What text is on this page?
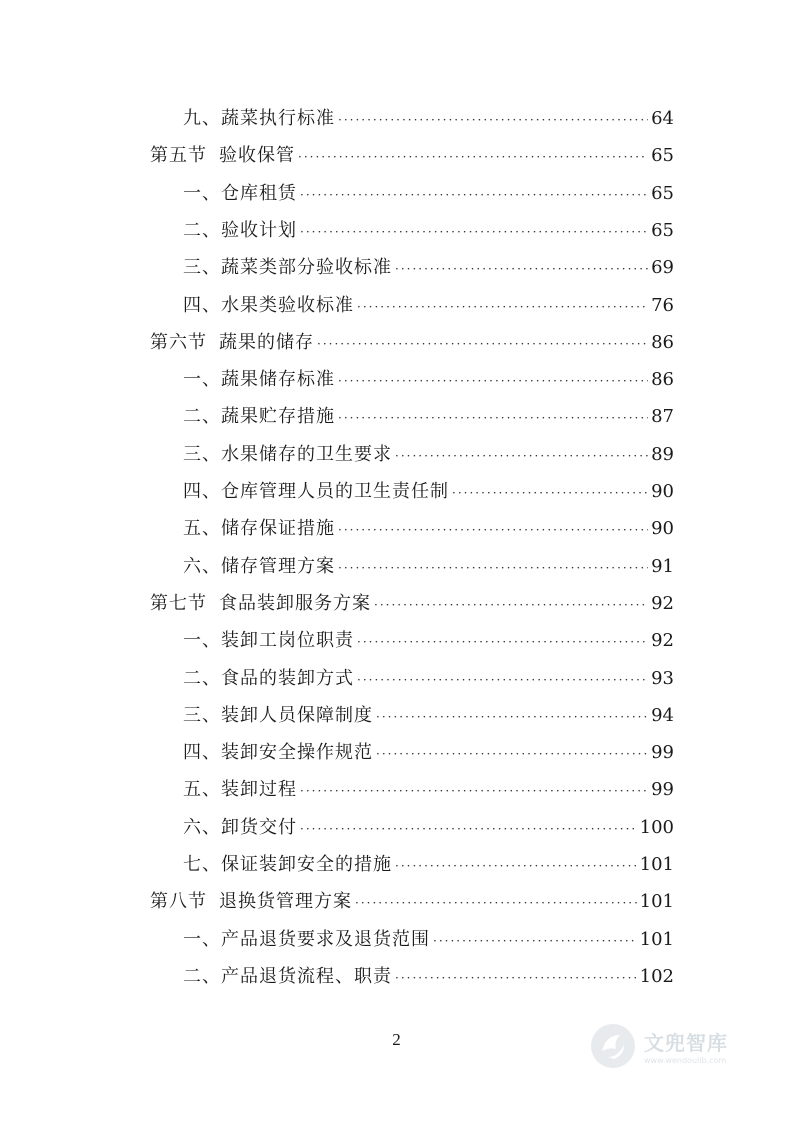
九、蔬菜执行标准 ·····	64
第五节 验收保管 ·····	65
一、仓库租赁 ·····	65
二、验收计划 ·····	65
三、蔬菜类部分验收标准 ·····	69
四、水果类验收标准 ·····	76
第六节 蔬果的储存 ·····	86
一、蔬果储存标准 ·····	86
二、蔬果贮存措施 ·····	87
三、水果储存的卫生要求 ·····	89
四、仓库管理人员的卫生责任制 ·····	90
五、储存保证措施 ·····	90
六、储存管理方案 ·····	91
第七节 食品装卸服务方案 ·····	92
一、装卸工岗位职责 ·····	92
二、食品的装卸方式 ·····	93
三、装卸人员保障制度 ·····	94
四、装卸安全操作规范 ·····	99
五、装卸过程 ·····	99
六、卸货交付 ·····	100
七、保证装卸安全的措施 ·····	101
第八节 退换货管理方案 ·····	101
一、产品退货要求及退货范围 ·····	101
二、产品退货流程、职责 ·····	102
2	文兜智库
www.wendoulib.com
